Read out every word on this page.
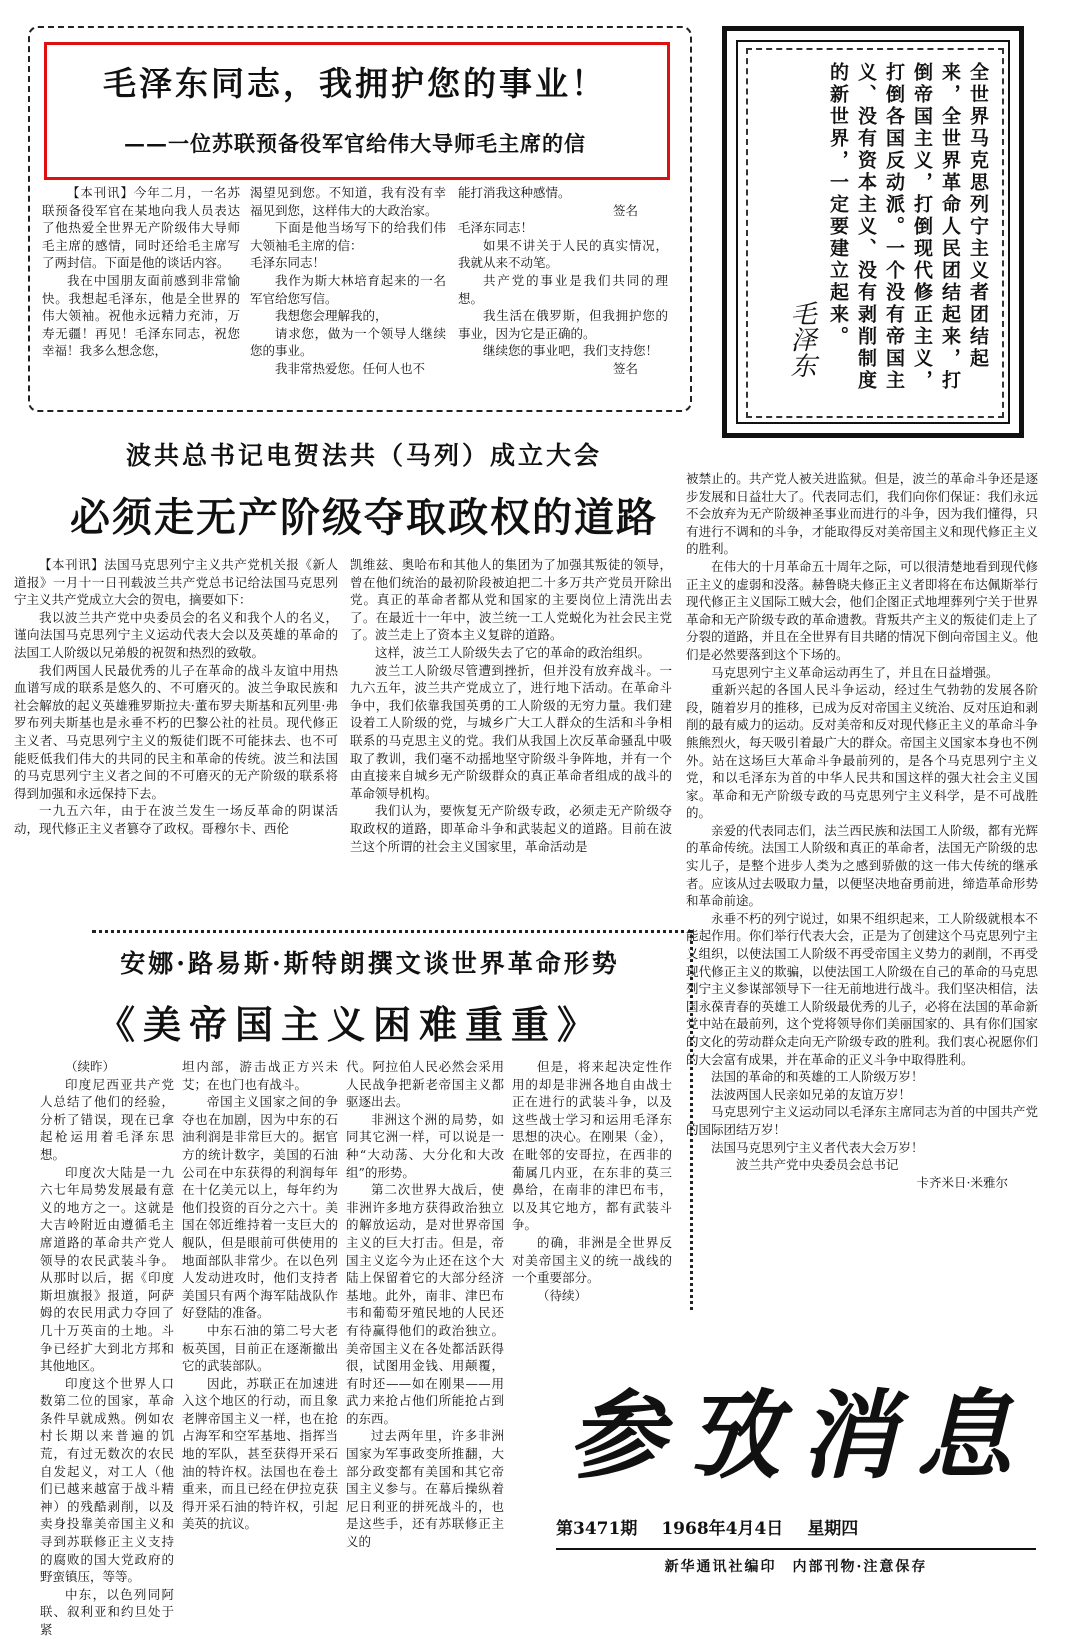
毛泽东同志，我拥护您的事业！
——一位苏联预备役军官给伟大导师毛主席的信

【本刊讯】今年二月，一名苏联预备役军官在某地向我人员表达了他热爱全世界无产阶级伟大导师毛主席的感情，同时还给毛主席写了两封信。下面是他的谈话内容。

我在中国朋友面前感到非常愉快。我想起毛泽东，他是全世界的伟大领袖。祝他永远精力充沛，万寿无疆！再见！毛泽东同志，祝您幸福！我多么想念您，

渴望见到您。不知道，我有没有幸福见到您，这样伟大的大政治家。

下面是他当场写下的给我们伟大领袖毛主席的信：

毛泽东同志！

我作为斯大林培育起来的一名军官给您写信。

我想您会理解我的，

请求您，做为一个领导人继续您的事业。

我非常热爱您。任何人也不

能打消我这种感情。

签名

毛泽东同志！

如果不讲关于人民的真实情况，我就从来不动笔。

共产党的事业是我们共同的理想。

我生活在俄罗斯，但我拥护您的事业，因为它是正确的。

继续您的事业吧，我们支持您！

签名	全世界马克思列宁主义者团结起来，全世界革命人民团结起来，打倒帝国主义，打倒现代修正主义，打倒各国反动派。一个没有帝国主义、没有资本主义、没有剥削制度的新世界，一定要建立起来。
毛泽东
波共总书记电贺法共（马列）成立大会
必须走无产阶级夺取政权的道路

【本刊讯】法国马克思列宁主义共产党机关报《新人道报》一月十一日刊载波兰共产党总书记给法国马克思列宁主义共产党成立大会的贺电，摘要如下：

我以波兰共产党中央委员会的名义和我个人的名义，谨向法国马克思列宁主义运动代表大会以及英雄的革命的法国工人阶级以兄弟般的祝贺和热烈的致敬。

我们两国人民最优秀的儿子在革命的战斗友谊中用热血谱写成的联系是悠久的、不可磨灭的。波兰争取民族和社会解放的起义英雄雅罗斯拉夫·董布罗夫斯基和瓦列里·弗罗布列夫斯基也是永垂不朽的巴黎公社的社员。现代修正主义者、马克思列宁主义的叛徒们既不可能抹去、也不可能贬低我们伟大的共同的民主和革命的传统。波兰和法国的马克思列宁主义者之间的不可磨灭的无产阶级的联系将得到加强和永远保持下去。

一九五六年，由于在波兰发生一场反革命的阴谋活动，现代修正主义者篡夺了政权。哥穆尔卡、西伦

凯维兹、奥哈布和其他人的集团为了加强其叛徒的领导，曾在他们统治的最初阶段被迫把二十多万共产党员开除出党。真正的革命者都从党和国家的主要岗位上清洗出去了。在最近十一年中，波兰统一工人党蜕化为社会民主党了。波兰走上了资本主义复辟的道路。

这样，波兰工人阶级失去了它的革命的政治组织。

波兰工人阶级尽管遭到挫折，但并没有放弃战斗。一九六五年，波兰共产党成立了，进行地下活动。在革命斗争中，我们依靠我国英勇的工人阶级的无穷力量。我们建设着工人阶级的党，与城乡广大工人群众的生活和斗争相联系的马克思主义的党。我们从我国上次反革命骚乱中吸取了教训，我们毫不动摇地坚守阶级斗争阵地，并有一个由直接来自城乡无产阶级群众的真正革命者组成的战斗的革命领导机构。

我们认为，要恢复无产阶级专政，必须走无产阶级夺取政权的道路，即革命斗争和武装起义的道路。目前在波兰这个所谓的社会主义国家里，革命活动是

被禁止的。共产党人被关进监狱。但是，波兰的革命斗争还是逐步发展和日益壮大了。代表同志们，我们向你们保证：我们永远不会放弃为无产阶级神圣事业而进行的斗争，因为我们懂得，只有进行不调和的斗争，才能取得反对美帝国主义和现代修正主义的胜利。

在伟大的十月革命五十周年之际，可以很清楚地看到现代修正主义的虚弱和没落。赫鲁晓夫修正主义者即将在布达佩斯举行现代修正主义国际工贼大会，他们企图正式地埋葬列宁关于世界革命和无产阶级专政的革命遗教。背叛共产主义的叛徒们走上了分裂的道路，并且在全世界有目共睹的情况下倒向帝国主义。他们是必然要落到这个下场的。

马克思列宁主义革命运动再生了，并且在日益增强。

重新兴起的各国人民斗争运动，经过生气勃勃的发展各阶段，随着岁月的推移，已成为反对帝国主义统治、反对压迫和剥削的最有威力的运动。反对美帝和反对现代修正主义的革命斗争熊熊烈火，每天吸引着最广大的群众。帝国主义国家本身也不例外。站在这场巨大革命斗争最前列的，是各个马克思列宁主义党，和以毛泽东为首的中华人民共和国这样的强大社会主义国家。革命和无产阶级专政的马克思列宁主义科学，是不可战胜的。

亲爱的代表同志们，法兰西民族和法国工人阶级，都有光辉的革命传统。法国工人阶级和真正的革命者，法国无产阶级的忠实儿子，是整个进步人类为之感到骄傲的这一伟大传统的继承者。应该从过去吸取力量，以便坚决地奋勇前进，缔造革命形势和革命前途。

永垂不朽的列宁说过，如果不组织起来，工人阶级就根本不能起作用。你们举行代表大会，正是为了创建这个马克思列宁主义组织，以使法国工人阶级不再受帝国主义势力的剥削，不再受现代修正主义的欺骗，以使法国工人阶级在自己的革命的马克思列宁主义参谋部领导下一往无前地进行战斗。我们坚决相信，法国永葆青春的英雄工人阶级最优秀的儿子，必将在法国的革命新党中站在最前列，这个党将领导你们美丽国家的、具有你们国家的文化的劳动群众走向无产阶级专政的胜利。我们衷心祝愿你们的大会富有成果，并在革命的正义斗争中取得胜利。

法国的革命的和英雄的工人阶级万岁！

法波两国人民亲如兄弟的友谊万岁！

马克思列宁主义运动同以毛泽东主席同志为首的中国共产党的国际团结万岁！

法国马克思列宁主义者代表大会万岁！

波兰共产党中央委员会总书记

卡齐米日·米雅尔

安娜·路易斯·斯特朗撰文谈世界革命形势
《美帝国主义困难重重》

（续昨）

印度尼西亚共产党人总结了他们的经验，分析了错误，现在已拿起枪运用着毛泽东思想。

印度次大陆是一九六七年局势发展最有意义的地方之一。这就是大吉岭附近由遵循毛主席道路的革命共产党人领导的农民武装斗争。从那时以后，据《印度斯坦旗报》报道，阿萨姆的农民用武力夺回了几十万英亩的土地。斗争已经扩大到北方邦和其他地区。

印度这个世界人口数第二位的国家，革命条件早就成熟。例如农村长期以来普遍的饥荒，有过无数次的农民自发起义，对工人（他们已越来越富于战斗精神）的残酷剥削，以及卖身投靠美帝国主义和寻到苏联修正主义支持的腐败的国大党政府的野蛮镇压，等等。

中东，以色列同阿联、叙利亚和约旦处于紧

坦内部，游击战正方兴未艾；在也门也有战斗。

帝国主义国家之间的争夺也在加剧，因为中东的石油利润是非常巨大的。据官方的统计数字，美国的石油公司在中东获得的利润每年在十亿美元以上，每年约为他们投资的百分之六十。美国在邻近维持着一支巨大的舰队，但是眼前可供使用的地面部队非常少。在以色列人发动进攻时，他们支持者美国只有两个海军陆战队作好登陆的准备。

中东石油的第二号大老板英国，目前正在逐渐撤出它的武装部队。

因此，苏联正在加速进入这个地区的行动，而且象老牌帝国主义一样，也在抢占海军和空军基地、指挥当地的军队，甚至获得开采石油的特许权。法国也在卷土重来，而且已经在伊拉克获得开采石油的特许权，引起美英的抗议。

代。阿拉伯人民必然会采用人民战争把新老帝国主义都驱逐出去。

非洲这个洲的局势，如同其它洲一样，可以说是一种“大动荡、大分化和大改组”的形势。

第二次世界大战后，使非洲许多地方获得政治独立的解放运动，是对世界帝国主义的巨大打击。但是，帝国主义迄今为止还在这个大陆上保留着它的大部分经济基地。此外，南非、津巴布韦和葡萄牙殖民地的人民还有待赢得他们的政治独立。美帝国主义在各处都活跃得很，试图用金钱、用颠覆，有时还——如在刚果——用武力来抢占他们所能抢占到的东西。

过去两年里，许多非洲国家为军事政变所推翻，大部分政变都有美国和其它帝国主义参与。在幕后操纵着尼日利亚的拼死战斗的，也是这些手，还有苏联修正主义的

但是，将来起决定性作用的却是非洲各地自由战士正在进行的武装斗争，以及这些战士学习和运用毛泽东思想的决心。在刚果（金），在毗邻的安哥拉，在西非的葡属几内亚，在东非的莫三鼻给，在南非的津巴布韦，以及其它地方，都有武装斗争。

的确，非洲是全世界反对美帝国主义的统一战线的一个重要部分。

（待续）

参攷消息
第3471期 1968年4月4日 星期四
新华通讯社编印　内部刊物·注意保存
